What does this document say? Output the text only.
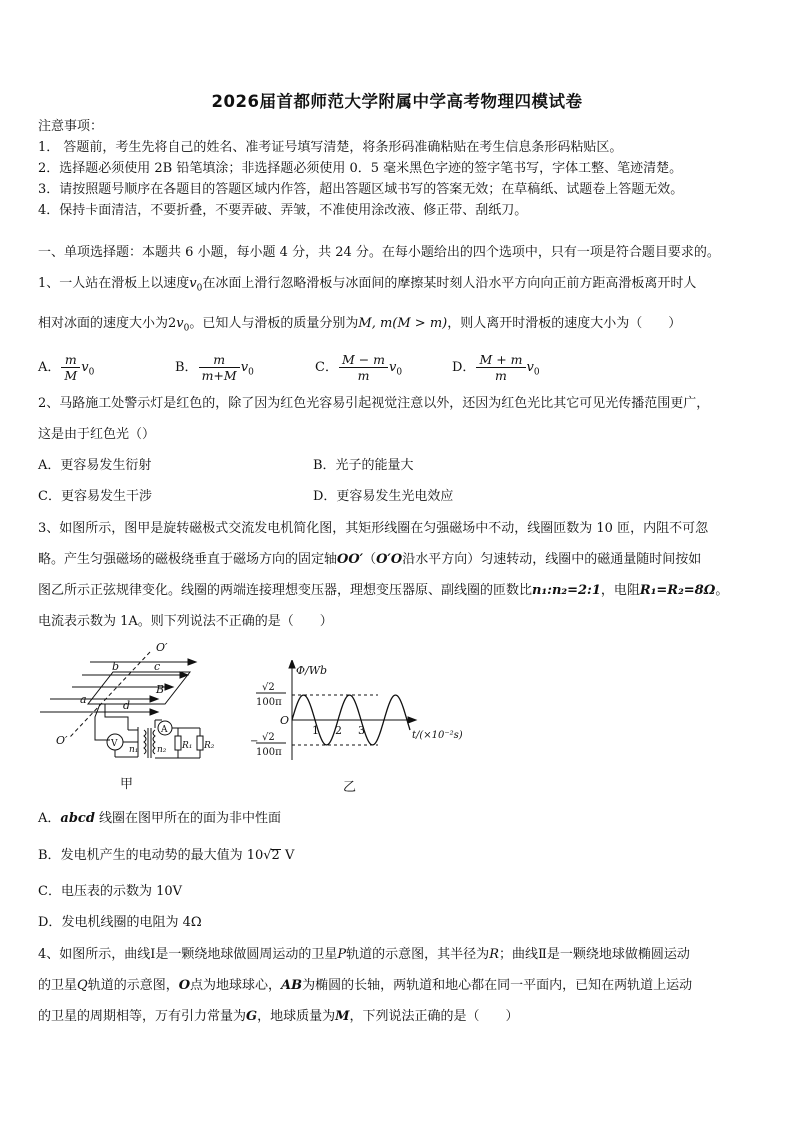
2026届首都师范大学附属中学高考物理四模试卷
注意事项：
1． 答题前，考生先将自己的姓名、准考证号填写清楚，将条形码准确粘贴在考生信息条形码粘贴区。
2．选择题必须使用 2B 铅笔填涂；非选择题必须使用 0．5 毫米黑色字迹的签字笔书写，字体工整、笔迹清楚。
3．请按照题号顺序在各题目的答题区域内作答，超出答题区域书写的答案无效；在草稿纸、试题卷上答题无效。
4．保持卡面清洁，不要折叠，不要弄破、弄皱，不准使用涂改液、修正带、刮纸刀。
一、单项选择题：本题共 6 小题，每小题 4 分，共 24 分。在每小题给出的四个选项中，只有一项是符合题目要求的。
1、一人站在滑板上以速度$v_0$在冰面上滑行忽略滑板与冰面间的摩擦某时刻人沿水平方向向正前方距高滑板离开时人
相对冰面的速度大小为$2v_0$。已知人与滑板的质量分别为M, m(M > m)，则人离开时滑板的速度大小为（　　）
A． $\frac{m}{M} v_0$	B． $\frac{m}{m+M} v_0$	C． $\frac{M - m}{m} v_0$	D． $\frac{M + m}{m} v_0$
2、马路施工处警示灯是红色的，除了因为红色光容易引起视觉注意以外，还因为红色光比其它可见光传播范围更广，
这是由于红色光（）
A．更容易发生衍射	B．光子的能量大
C．更容易发生干涉	D．更容易发生光电效应
3、如图所示，图甲是旋转磁极式交流发电机简化图，其矩形线圈在匀强磁场中不动，线圈匝数为 10 匝，内阻不可忽
略。产生匀强磁场的磁极绕垂直于磁场方向的固定轴OO′（O′O沿水平方向）匀速转动，线圈中的磁通量随时间按如
图乙所示正弦规律变化。线圈的两端连接理想变压器，理想变压器原、副线圈的匝数比n₁:n₂=2:1，电阻R₁=R₂=8Ω。
电流表示数为 1A。则下列说法不正确的是（　　）
O′
b	c
B
a	d
O′	V
A
n₁ n₂ R₁ R₂
甲
Φ/Wb
O
1 2 3	t/(×10⁻²s)
√2
100π
− √2
100π
乙
A．abcd 线圈在图甲所在的面为非中性面
B．发电机产生的电动势的最大值为 10√2 V
C．电压表的示数为 10V
D．发电机线圈的电阻为 4Ω
4、如图所示，曲线Ⅰ是一颗绕地球做圆周运动的卫星P轨道的示意图，其半径为R；曲线Ⅱ是一颗绕地球做椭圆运动
的卫星Q轨道的示意图，O点为地球球心，AB为椭圆的长轴，两轨道和地心都在同一平面内，已知在两轨道上运动
的卫星的周期相等，万有引力常量为G，地球质量为M，下列说法正确的是（　　）
